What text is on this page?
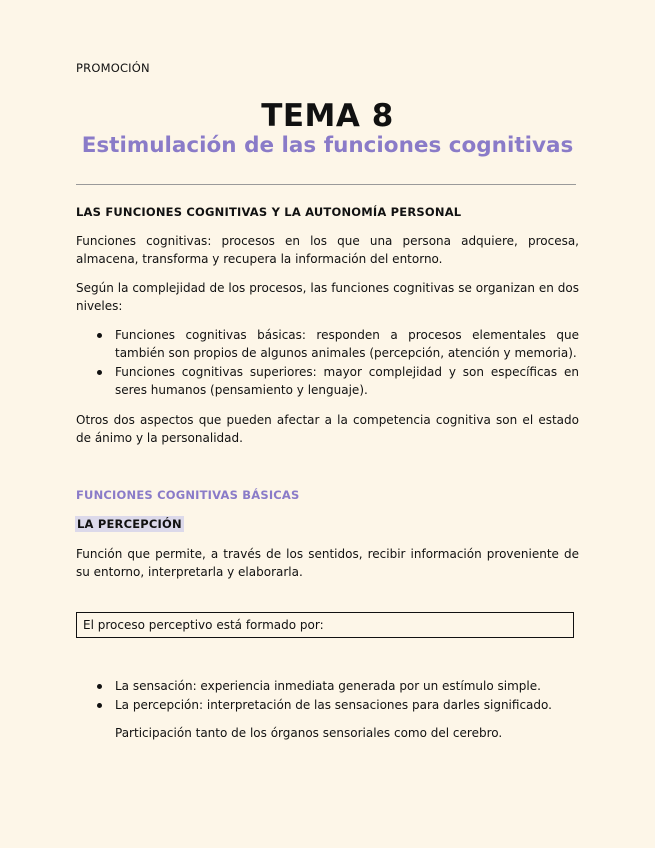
PROMOCIÓN
TEMA 8
Estimulación de las funciones cognitivas
LAS FUNCIONES COGNITIVAS Y LA AUTONOMÍA PERSONAL
Funciones cognitivas: procesos en los que una persona adquiere, procesa, almacena, transforma y recupera la información del entorno.
Según la complejidad de los procesos, las funciones cognitivas se organizan en dos niveles:
Funciones cognitivas básicas: responden a procesos elementales que también son propios de algunos animales (percepción, atención y memoria).
Funciones cognitivas superiores: mayor complejidad y son específicas en seres humanos (pensamiento y lenguaje).
Otros dos aspectos que pueden afectar a la competencia cognitiva son el estado de ánimo y la personalidad.
FUNCIONES COGNITIVAS BÁSICAS
LA PERCEPCIÓN
Función que permite, a través de los sentidos, recibir información proveniente de su entorno, interpretarla y elaborarla.
El proceso perceptivo está formado por:
La sensación: experiencia inmediata generada por un estímulo simple.
La percepción: interpretación de las sensaciones para darles significado.
Participación tanto de los órganos sensoriales como del cerebro.
